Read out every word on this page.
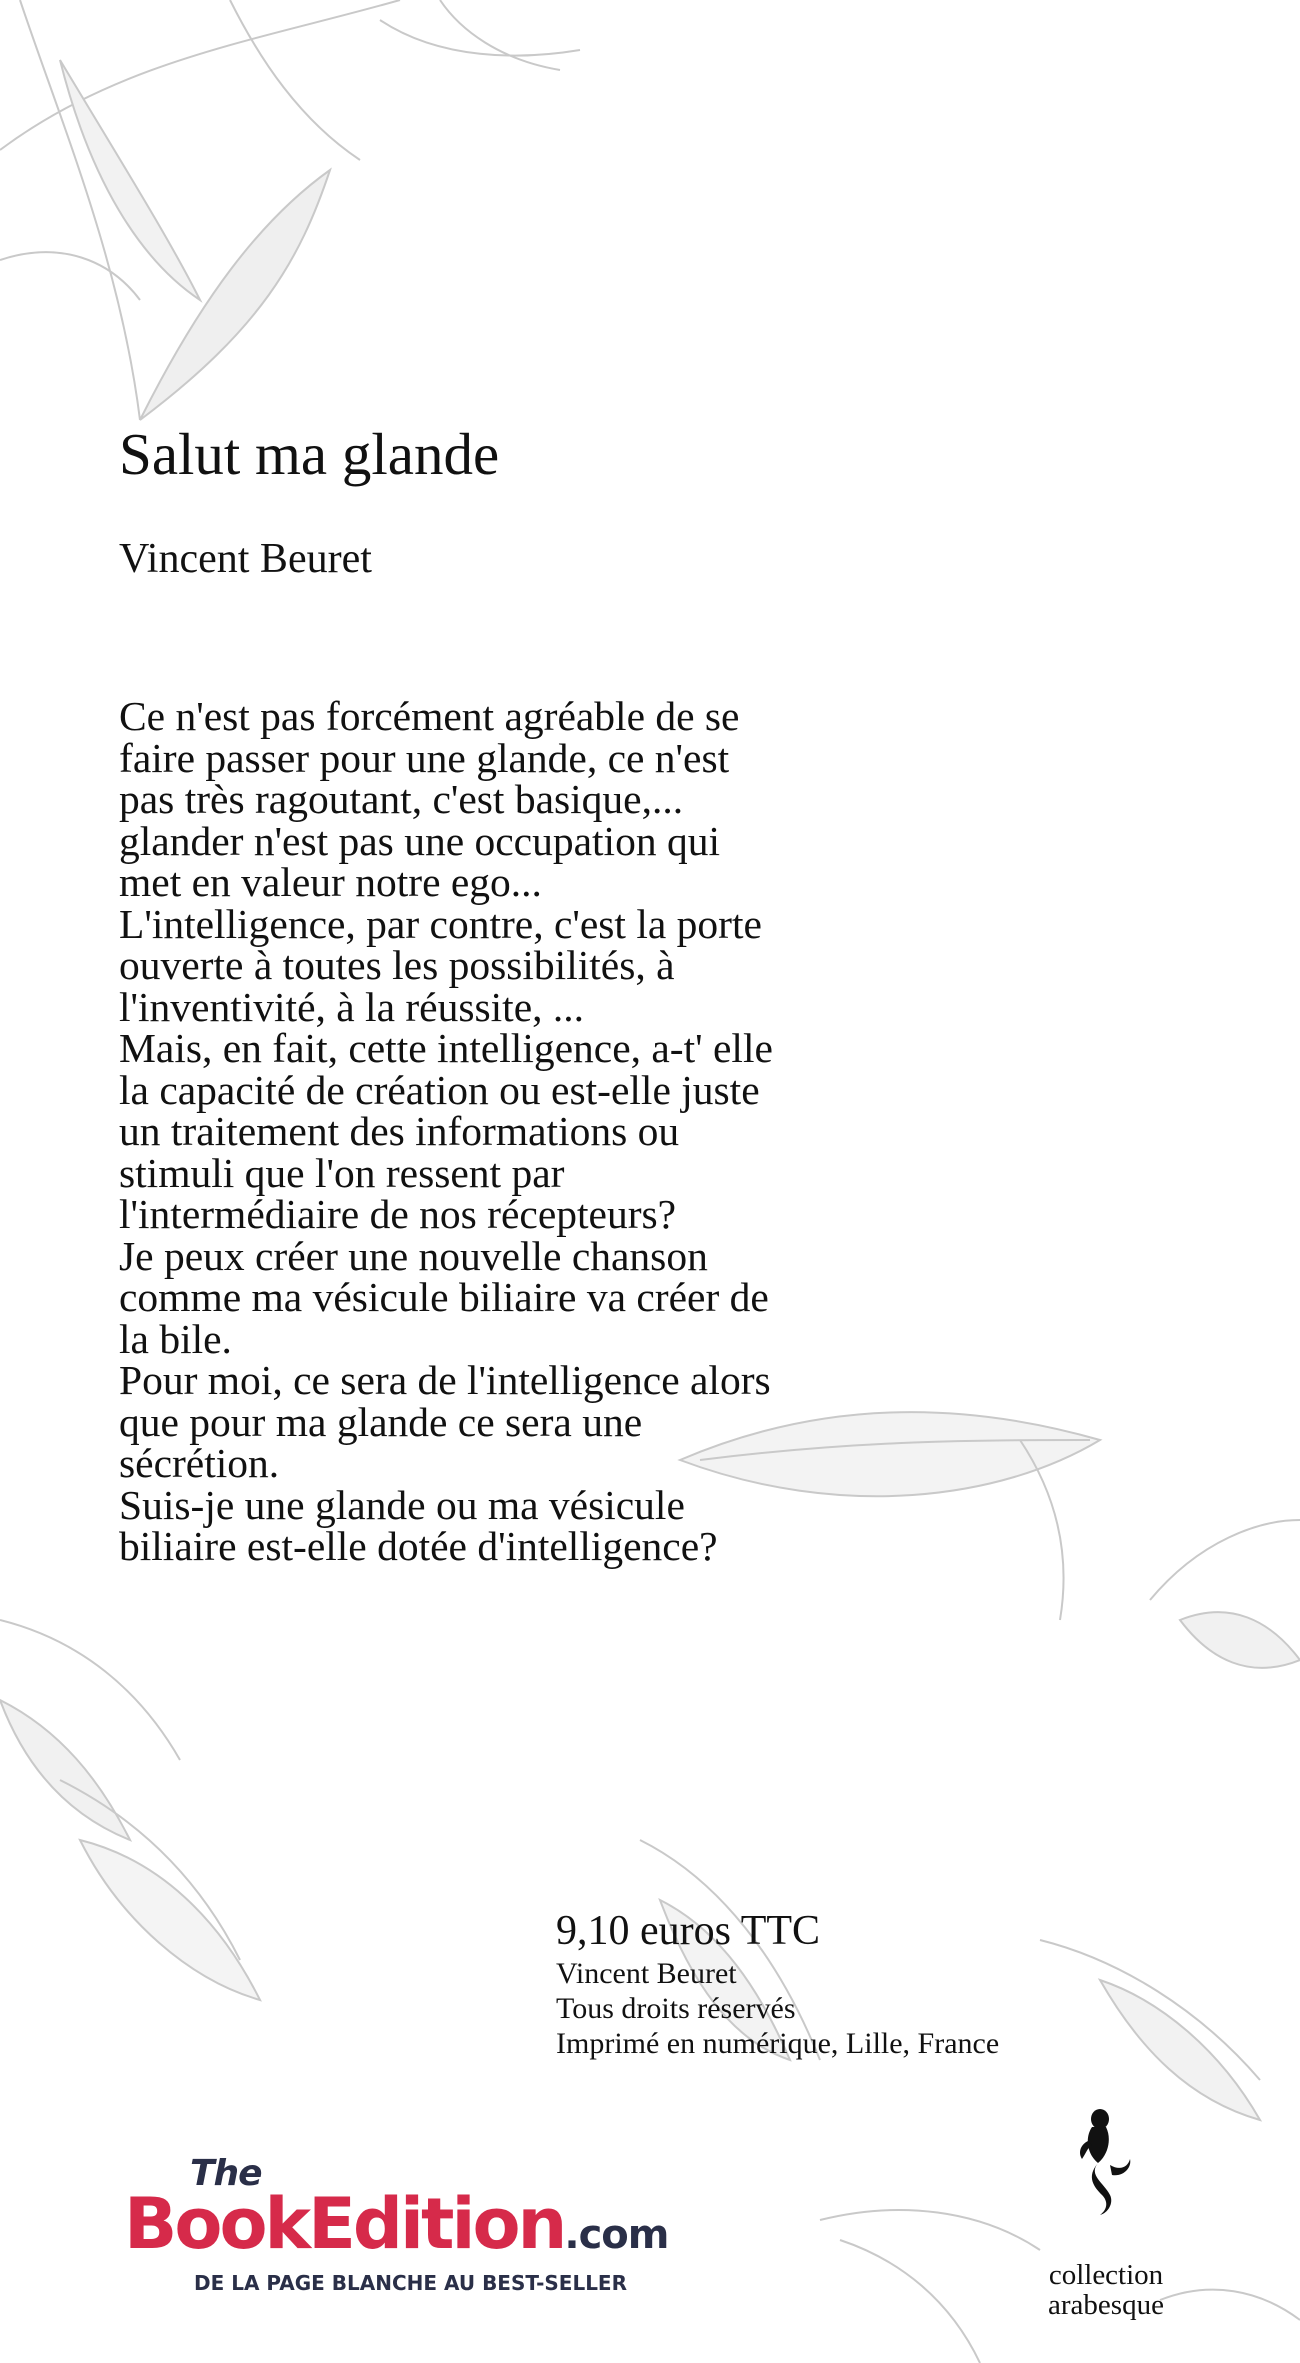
Salut ma glande
Vincent Beuret

Ce n'est pas forcément agréable de se

faire passer pour une glande, ce n'est

pas très ragoutant, c'est basique,...

glander n'est pas une occupation qui

met en valeur notre ego...

L'intelligence, par contre, c'est la porte

ouverte à toutes les possibilités, à

l'inventivité, à la réussite, ...

Mais, en fait, cette intelligence, a-t' elle

la capacité de création ou est-elle juste

un traitement des informations ou

stimuli que l'on ressent par

l'intermédiaire de nos récepteurs?

Je peux créer une nouvelle chanson

comme ma vésicule biliaire va créer de

la bile.

Pour moi, ce sera de l'intelligence alors

que pour ma glande ce sera une

sécrétion.

Suis-je une glande ou ma vésicule

biliaire est-elle dotée d'intelligence?

9,10 euros TTC
Vincent Beuret
Tous droits réservés
Imprimé en numérique, Lille, France
The
BookEdition.com
DE LA PAGE BLANCHE AU BEST-SELLER	collection
arabesque
